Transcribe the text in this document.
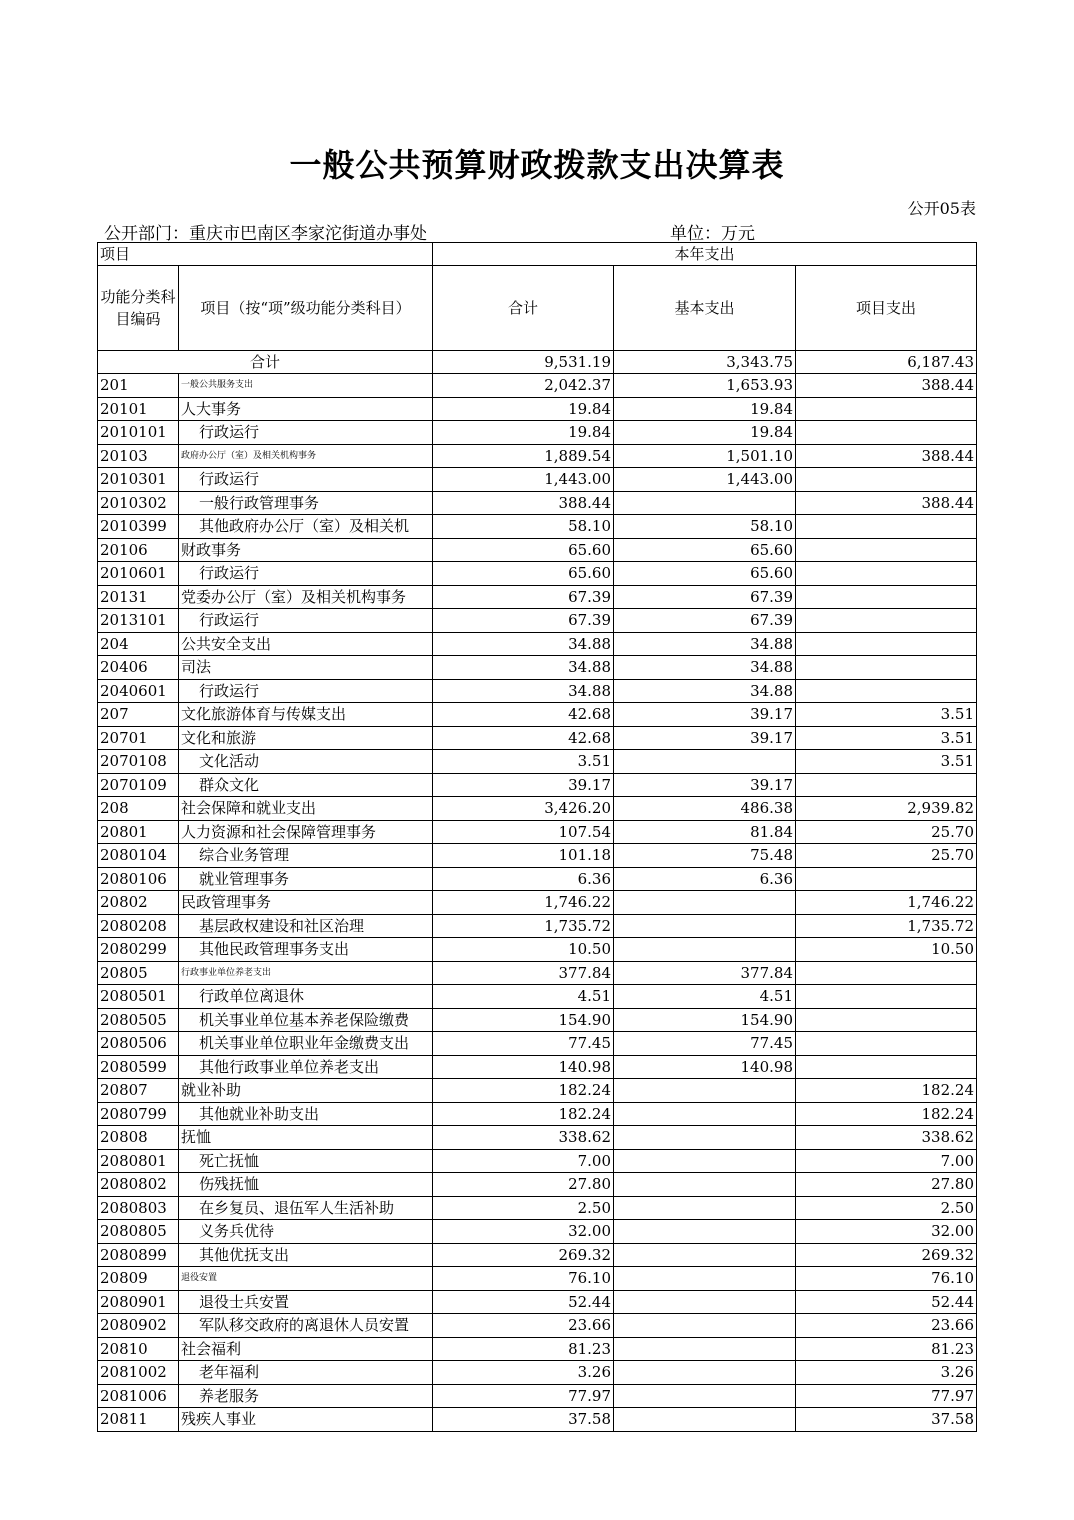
一般公共预算财政拨款支出决算表
公开05表
公开部门：重庆市巴南区李家沱街道办事处	单位：万元
项目		本年支出		
功能分类科目编码	项目（按“项”级功能分类科目）	合计	基本支出	项目支出
合计		9,531.19	3,343.75	6,187.43
201	一般公共服务支出	2,042.37	1,653.93	388.44
20101	人大事务	19.84	19.84	
2010101	行政运行	19.84	19.84	
20103	政府办公厅（室）及相关机构事务	1,889.54	1,501.10	388.44
2010301	行政运行	1,443.00	1,443.00	
2010302	一般行政管理事务	388.44		388.44
2010399	其他政府办公厅（室）及相关机	58.10	58.10	
20106	财政事务	65.60	65.60	
2010601	行政运行	65.60	65.60	
20131	党委办公厅（室）及相关机构事务	67.39	67.39	
2013101	行政运行	67.39	67.39	
204	公共安全支出	34.88	34.88	
20406	司法	34.88	34.88	
2040601	行政运行	34.88	34.88	
207	文化旅游体育与传媒支出	42.68	39.17	3.51
20701	文化和旅游	42.68	39.17	3.51
2070108	文化活动	3.51		3.51
2070109	群众文化	39.17	39.17	
208	社会保障和就业支出	3,426.20	486.38	2,939.82
20801	人力资源和社会保障管理事务	107.54	81.84	25.70
2080104	综合业务管理	101.18	75.48	25.70
2080106	就业管理事务	6.36	6.36	
20802	民政管理事务	1,746.22		1,746.22
2080208	基层政权建设和社区治理	1,735.72		1,735.72
2080299	其他民政管理事务支出	10.50		10.50
20805	行政事业单位养老支出	377.84	377.84	
2080501	行政单位离退休	4.51	4.51	
2080505	机关事业单位基本养老保险缴费	154.90	154.90	
2080506	机关事业单位职业年金缴费支出	77.45	77.45	
2080599	其他行政事业单位养老支出	140.98	140.98	
20807	就业补助	182.24		182.24
2080799	其他就业补助支出	182.24		182.24
20808	抚恤	338.62		338.62
2080801	死亡抚恤	7.00		7.00
2080802	伤残抚恤	27.80		27.80
2080803	在乡复员、退伍军人生活补助	2.50		2.50
2080805	义务兵优待	32.00		32.00
2080899	其他优抚支出	269.32		269.32
20809	退役安置	76.10		76.10
2080901	退役士兵安置	52.44		52.44
2080902	军队移交政府的离退休人员安置	23.66		23.66
20810	社会福利	81.23		81.23
2081002	老年福利	3.26		3.26
2081006	养老服务	77.97		77.97
20811	残疾人事业	37.58		37.58
